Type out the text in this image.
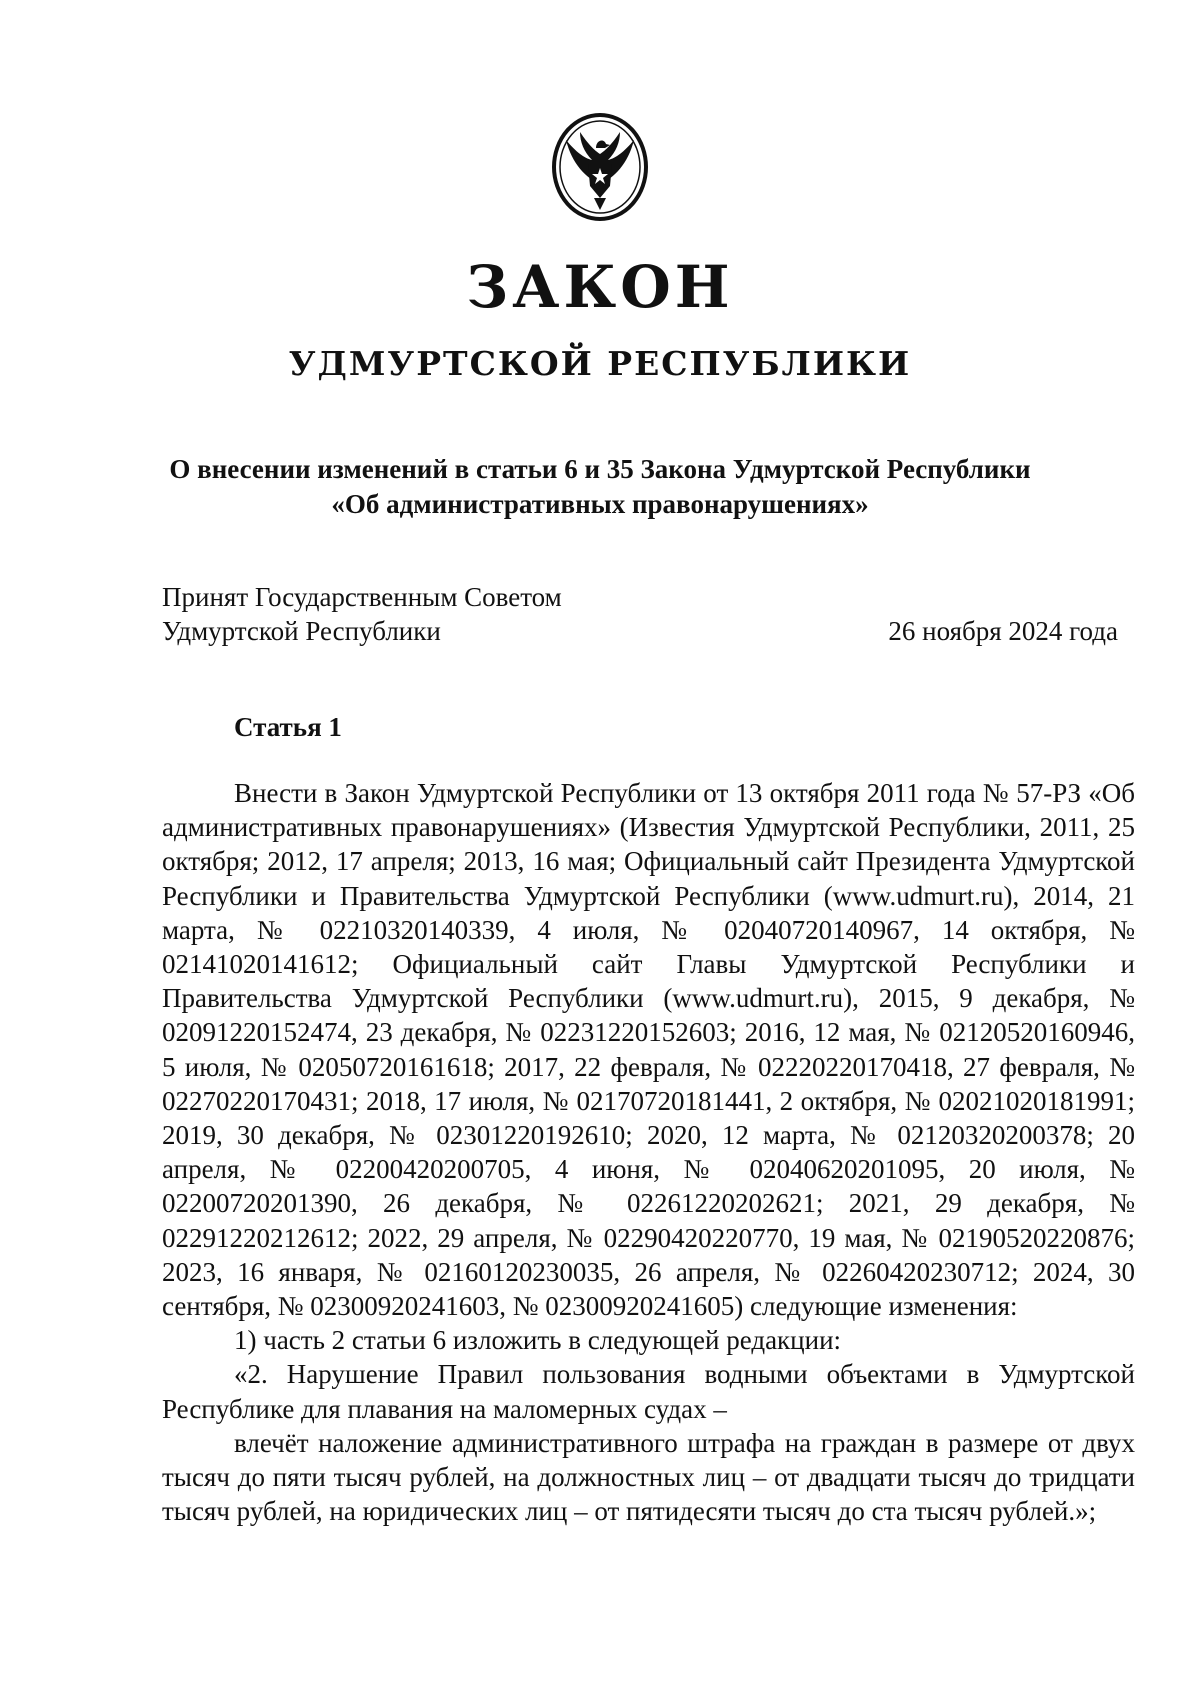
ЗАКОН
УДМУРТСКОЙ РЕСПУБЛИКИ
О внесении изменений в статьи 6 и 35 Закона Удмуртской Республики
«Об административных правонарушениях»
Принят Государственным Советом
Удмуртской Республики	26 ноября 2024 года
Статья 1

Внести в Закон Удмуртской Республики от 13 октября 2011 года № 57-РЗ «Об административных правонарушениях» (Известия Удмуртской Республики, 2011, 25 октября; 2012, 17 апреля; 2013, 16 мая; Официальный сайт Президента Удмуртской Республики и Правительства Удмуртской Республики (www.udmurt.ru), 2014, 21 марта, № 02210320140339, 4 июля, № 02040720140967, 14 октября, № 02141020141612; Официальный сайт Главы Удмуртской Республики и Правительства Удмуртской Республики (www.udmurt.ru), 2015, 9 декабря, № 02091220152474, 23 декабря, № 02231220152603; 2016, 12 мая, № 02120520160946, 5 июля, № 02050720161618; 2017, 22 февраля, № 02220220170418, 27 февраля, № 02270220170431; 2018, 17 июля, № 02170720181441, 2 октября, № 02021020181991; 2019, 30 декабря, № 02301220192610; 2020, 12 марта, № 02120320200378; 20 апреля, № 02200420200705, 4 июня, № 02040620201095, 20 июля, № 02200720201390, 26 декабря, № 02261220202621; 2021, 29 декабря, № 02291220212612; 2022, 29 апреля, № 02290420220770, 19 мая, № 02190520220876; 2023, 16 января, № 02160120230035, 26 апреля, № 02260420230712; 2024, 30 сентября, № 02300920241603, № 02300920241605) следующие изменения:

1) часть 2 статьи 6 изложить в следующей редакции:

«2. Нарушение Правил пользования водными объектами в Удмуртской Республике для плавания на маломерных судах –

влечёт наложение административного штрафа на граждан в размере от двух тысяч до пяти тысяч рублей, на должностных лиц – от двадцати тысяч до тридцати тысяч рублей, на юридических лиц – от пятидесяти тысяч до ста тысяч рублей.»;
